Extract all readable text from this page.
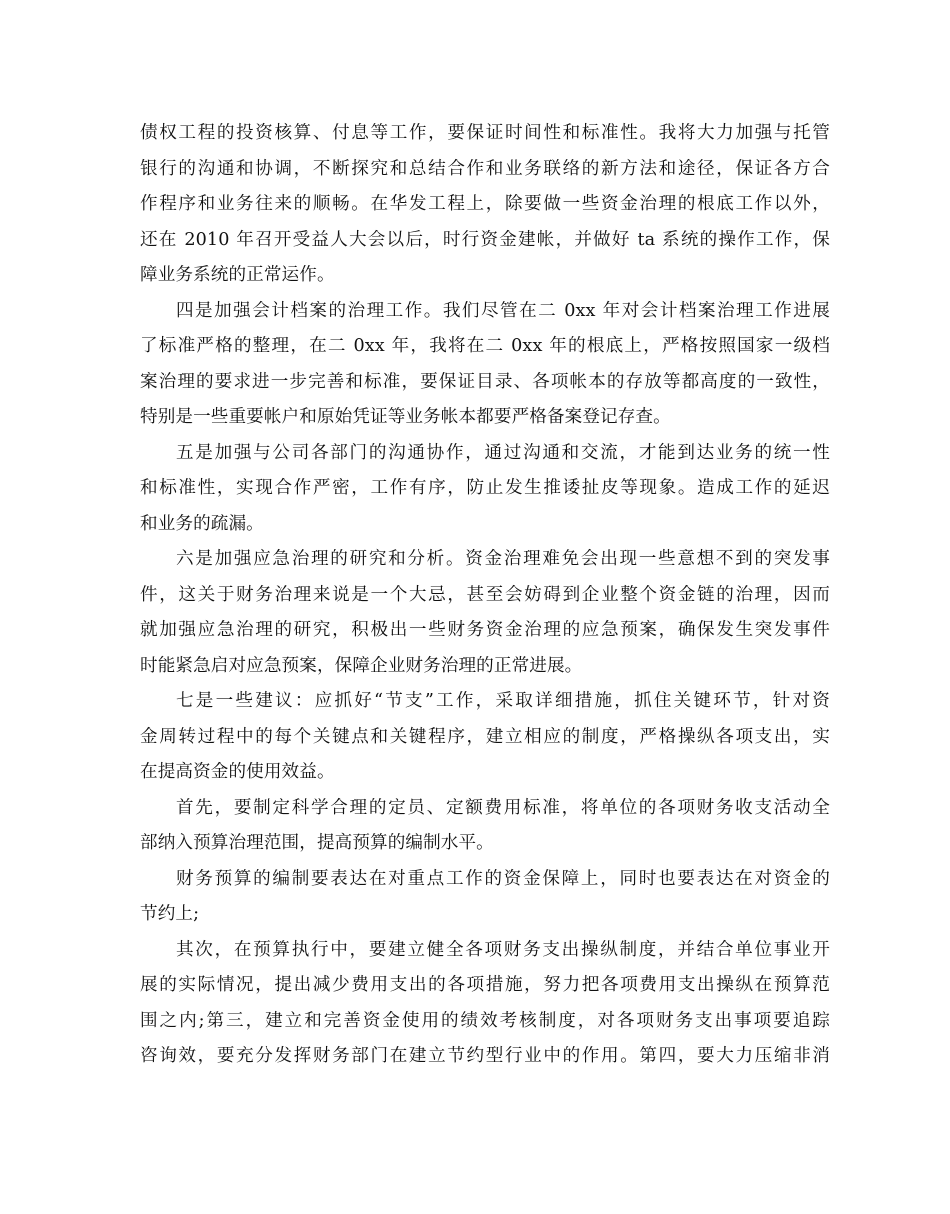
债权工程的投资核算、付息等工作，要保证时间性和标准性。我将大力加强与托管
银行的沟通和协调，不断探究和总结合作和业务联络的新方法和途径，保证各方合
作程序和业务往来的顺畅。在华发工程上，除要做一些资金治理的根底工作以外，
还在 2010 年召开受益人大会以后，时行资金建帐，并做好 ta 系统的操作工作，保
障业务系统的正常运作。
四是加强会计档案的治理工作。我们尽管在二 0xx 年对会计档案治理工作进展
了标准严格的整理，在二 0xx 年，我将在二 0xx 年的根底上，严格按照国家一级档
案治理的要求进一步完善和标准，要保证目录、各项帐本的存放等都高度的一致性，
特别是一些重要帐户和原始凭证等业务帐本都要严格备案登记存查。
五是加强与公司各部门的沟通协作，通过沟通和交流，才能到达业务的统一性
和标准性，实现合作严密，工作有序，防止发生推诿扯皮等现象。造成工作的延迟
和业务的疏漏。
六是加强应急治理的研究和分析。资金治理难免会出现一些意想不到的突发事
件，这关于财务治理来说是一个大忌，甚至会妨碍到企业整个资金链的治理，因而
就加强应急治理的研究，积极出一些财务资金治理的应急预案，确保发生突发事件
时能紧急启对应急预案，保障企业财务治理的正常进展。
七是一些建议：应抓好“节支”工作，采取详细措施，抓住关键环节，针对资
金周转过程中的每个关键点和关键程序，建立相应的制度，严格操纵各项支出，实
在提高资金的使用效益。
首先，要制定科学合理的定员、定额费用标准，将单位的各项财务收支活动全
部纳入预算治理范围，提高预算的编制水平。
财务预算的编制要表达在对重点工作的资金保障上，同时也要表达在对资金的
节约上;
其次，在预算执行中，要建立健全各项财务支出操纵制度，并结合单位事业开
展的实际情况，提出减少费用支出的各项措施，努力把各项费用支出操纵在预算范
围之内;第三，建立和完善资金使用的绩效考核制度，对各项财务支出事项要追踪
咨询效，要充分发挥财务部门在建立节约型行业中的作用。第四，要大力压缩非消
